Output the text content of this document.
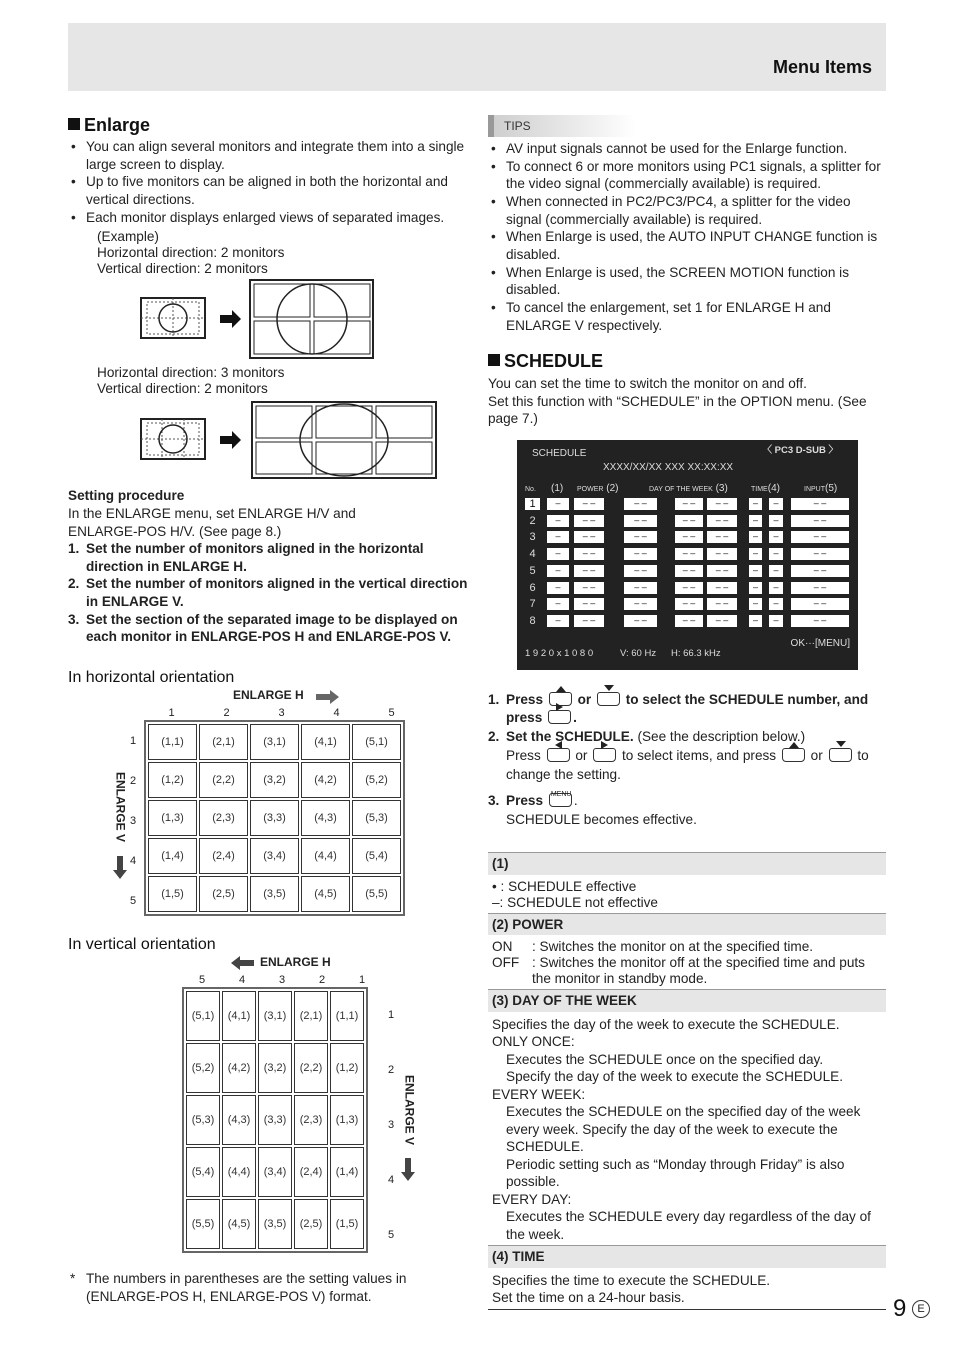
Menu Items
Enlarge
• You can align several monitors and integrate them into a single large screen to display.
• Up to five monitors can be aligned in both the horizontal and vertical directions.
• Each monitor displays enlarged views of separated images.
(Example)
Horizontal direction: 2 monitors
Vertical direction: 2 monitors
Horizontal direction: 3 monitors
Vertical direction: 2 monitors
Setting procedure
In the ENLARGE menu, set ENLARGE H/V and ENLARGE-POS H/V. (See page 8.)
1. Set the number of monitors aligned in the horizontal direction in ENLARGE H.
2. Set the number of monitors aligned in the vertical direction in ENLARGE V.
3. Set the section of the separated image to be displayed on each monitor in ENLARGE-POS H and ENLARGE-POS V.
In horizontal orientation
ENLARGE H
1	2	3	4	5
1
2
3
4
5
ENLARGE V
(1,1)	(2,1)	(3,1)	(4,1)	(5,1)
(1,2)	(2,2)	(3,2)	(4,2)	(5,2)
(1,3)	(2,3)	(3,3)	(4,3)	(5,3)
(1,4)	(2,4)	(3,4)	(4,4)	(5,4)
(1,5)	(2,5)	(3,5)	(4,5)	(5,5)
In vertical orientation
ENLARGE H
5	4	3	2	1
(5,1)	(4,1)	(3,1)	(2,1)	(1,1)
(5,2)	(4,2)	(3,2)	(2,2)	(1,2)
(5,3)	(4,3)	(3,3)	(2,3)	(1,3)
(5,4)	(4,4)	(3,4)	(2,4)	(1,4)
(5,5)	(4,5)	(3,5)	(2,5)	(1,5)
1
2
3
4
5
ENLARGE V
* The numbers in parentheses are the setting values in (ENLARGE-POS H, ENLARGE-POS V) format.
TIPS
• AV input signals cannot be used for the Enlarge function.
• To connect 6 or more monitors using PC1 signals, a splitter for the video signal (commercially available) is required.
• When connected in PC2/PC3/PC4, a splitter for the video signal (commercially available) is required.
• When Enlarge is used, the AUTO INPUT CHANGE function is disabled.
• When Enlarge is used, the SCREEN MOTION function is disabled.
• To cancel the enlargement, set 1 for ENLARGE H and ENLARGE V respectively.
SCHEDULE
You can set the time to switch the monitor on and off.
Set this function with “SCHEDULE” in the OPTION menu. (See page 7.)
SCHEDULE	〈 PC3 D-SUB 〉
XXXX/XX/XX XXX XX:XX:XX
No. (1) POWER (2)	DAY OF THE WEEK (3)	TIME(4)	INPUT(5)
1	–	– –	– –	– –	– –	–	–	– –
2	–	– –	– –	– –	– –	–	–	– –
3	–	– –	– –	– –	– –	–	–	– –
4	–	– –	– –	– –	– –	–	–	– –
5	–	– –	– –	– –	– –	–	–	– –
6	–	– –	– –	– –	– –	–	–	– –
7	–	– –	– –	– –	– –	–	–	– –
8	–	– –	– –	– –	– –	–	–	– –
1 9 2 0 x 1 0 8 0	V: 60 Hz H: 66.3 kHz
OK···[MENU]
1. Press	or	to select the SCHEDULE number, and press .
2. Set the SCHEDULE. (See the description below.)
Press	or	to select items, and press	or	to
change the setting.
3. Press MENU .
SCHEDULE becomes effective.
(1)
• : SCHEDULE effective
–: SCHEDULE not effective
(2) POWER
ON	: Switches the monitor on at the specified time.
OFF : Switches the monitor off at the specified time and puts the monitor in standby mode.
(3) DAY OF THE WEEK
Specifies the day of the week to execute the SCHEDULE.
ONLY ONCE:
Executes the SCHEDULE once on the specified day.
Specify the day of the week to execute the SCHEDULE.
EVERY WEEK:
Executes the SCHEDULE on the specified day of the week every week. Specify the day of the week to execute the SCHEDULE.
Periodic setting such as “Monday through Friday” is also possible.
EVERY DAY:
Executes the SCHEDULE every day regardless of the day of the week.
(4) TIME
Specifies the time to execute the SCHEDULE.
Set the time on a 24-hour basis.	9 E
